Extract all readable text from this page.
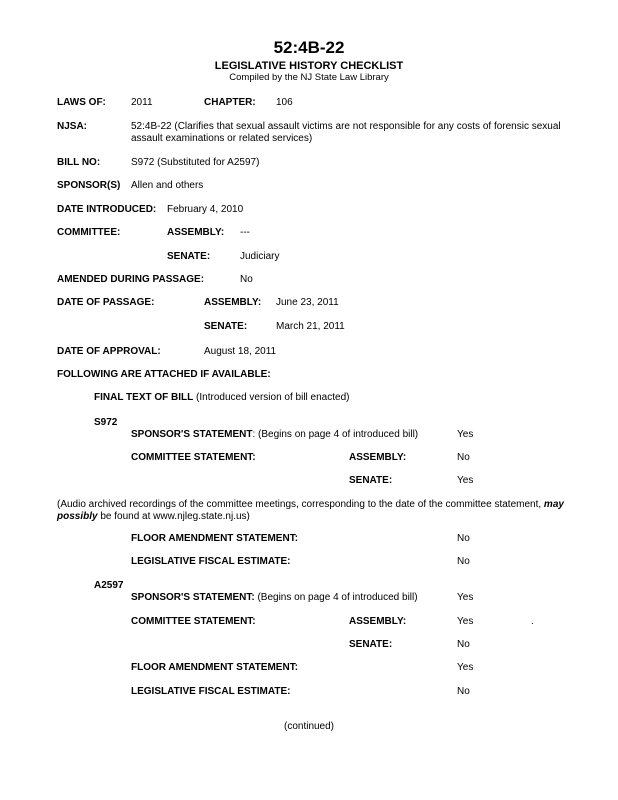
52:4B-22
LEGISLATIVE HISTORY CHECKLIST
Compiled by the NJ State Law Library
LAWS OF:	2011	CHAPTER: 106
NJSA:	52:4B-22 (Clarifies that sexual assault victims are not responsible for any costs of forensic sexual assault examinations or related services)
BILL NO:	S972 (Substituted for A2597)
SPONSOR(S) Allen and others
DATE INTRODUCED: February 4, 2010
COMMITTEE:	ASSEMBLY: ---
SENATE:	Judiciary
AMENDED DURING PASSAGE:	No
DATE OF PASSAGE:	ASSEMBLY: June 23, 2011
SENATE:	March 21, 2011
DATE OF APPROVAL:	August 18, 2011
FOLLOWING ARE ATTACHED IF AVAILABLE:
FINAL TEXT OF BILL (Introduced version of bill enacted)
S972
SPONSOR'S STATEMENT: (Begins on page 4 of introduced bill)	Yes
COMMITTEE STATEMENT:	ASSEMBLY:	No
SENATE:	Yes
(Audio archived recordings of the committee meetings, corresponding to the date of the committee statement, may possibly be found at www.njleg.state.nj.us)
FLOOR AMENDMENT STATEMENT:	No
LEGISLATIVE FISCAL ESTIMATE:	No
A2597
SPONSOR'S STATEMENT: (Begins on page 4 of introduced bill)	Yes
COMMITTEE STATEMENT:	ASSEMBLY:	Yes	.
SENATE:	No
FLOOR AMENDMENT STATEMENT:	Yes
LEGISLATIVE FISCAL ESTIMATE:	No
(continued)
